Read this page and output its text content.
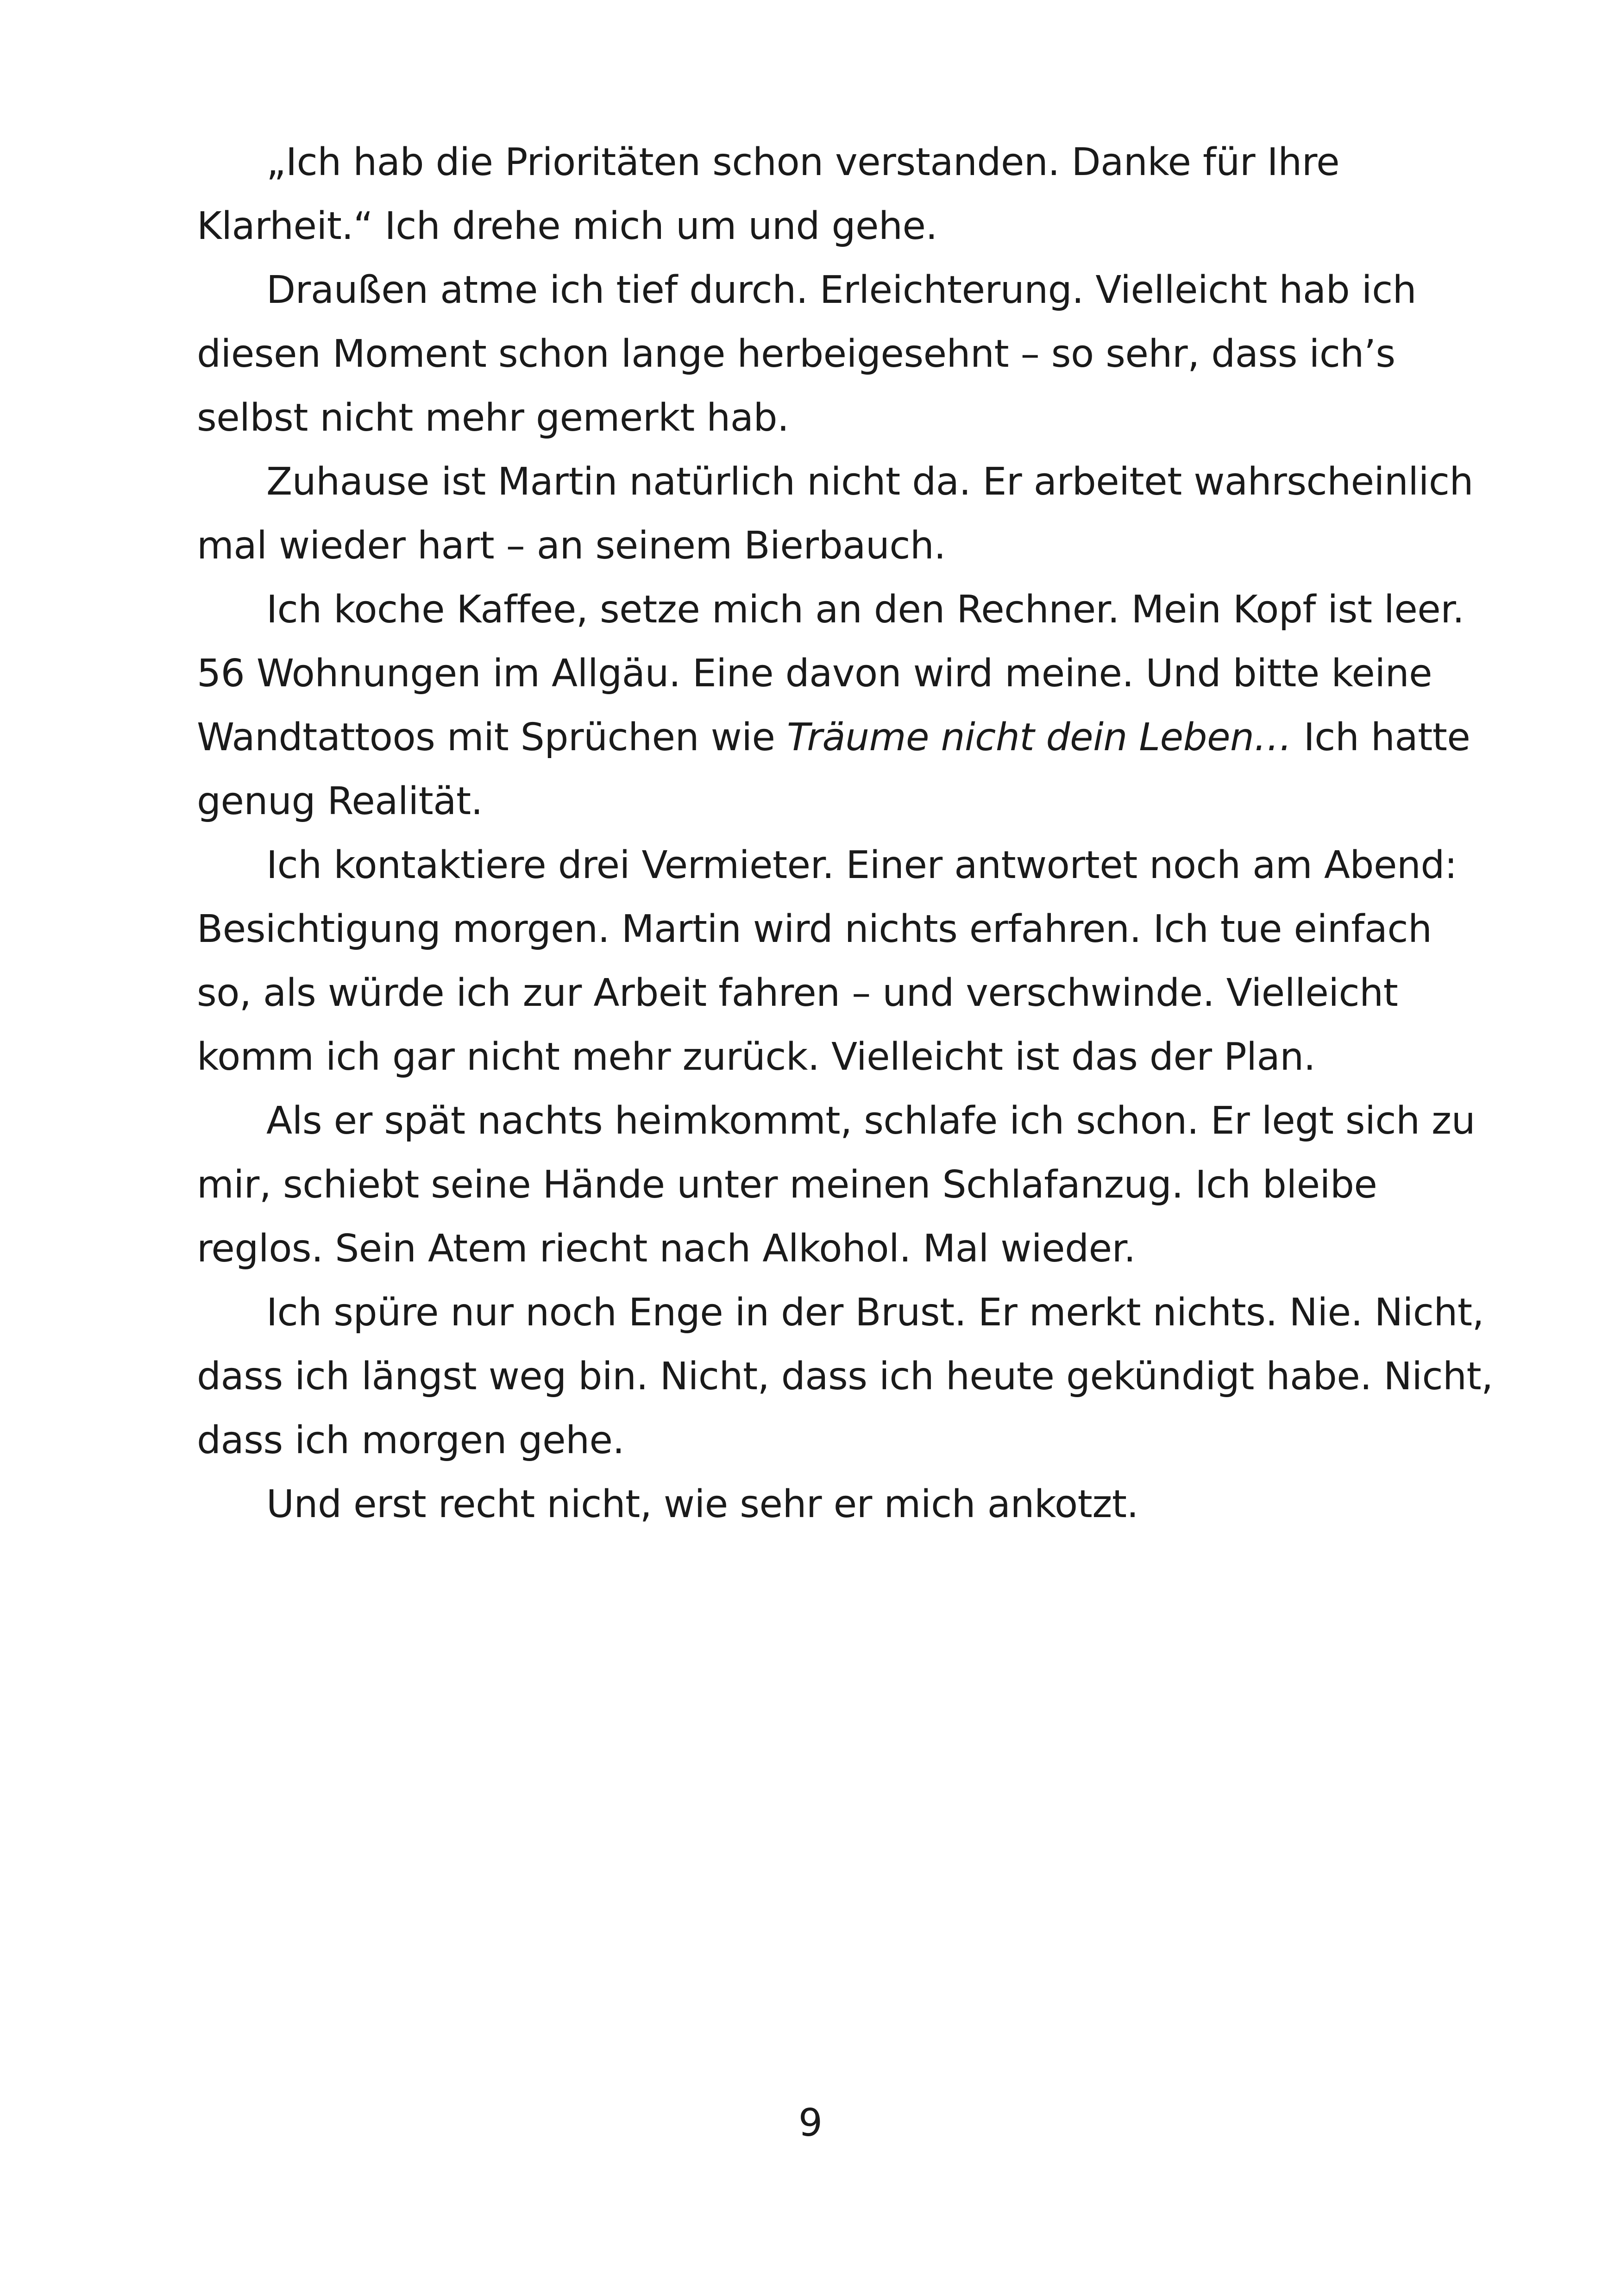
„Ich hab die Prioritäten schon verstanden. Danke für Ihre Klarheit.“ Ich drehe mich um und gehe.

Draußen atme ich tief durch. Erleichterung. Vielleicht hab ich diesen Moment schon lange herbeigesehnt – so sehr, dass ich’s selbst nicht mehr gemerkt hab.

Zuhause ist Martin natürlich nicht da. Er arbeitet wahrscheinlich mal wieder hart – an seinem Bierbauch.

Ich koche Kaffee, setze mich an den Rechner. Mein Kopf ist leer. 56 Wohnungen im Allgäu. Eine davon wird meine. Und bitte keine Wandtattoos mit Sprüchen wie Träume nicht dein Leben… Ich hatte genug Realität.

Ich kontaktiere drei Vermieter. Einer antwortet noch am Abend: Besichtigung morgen. Martin wird nichts erfahren. Ich tue einfach so, als würde ich zur Arbeit fahren – und verschwinde. Vielleicht komm ich gar nicht mehr zurück. Vielleicht ist das der Plan.

Als er spät nachts heimkommt, schlafe ich schon. Er legt sich zu mir, schiebt seine Hände unter meinen Schlafanzug. Ich bleibe reglos. Sein Atem riecht nach Alkohol. Mal wieder.

Ich spüre nur noch Enge in der Brust. Er merkt nichts. Nie. Nicht, dass ich längst weg bin. Nicht, dass ich heute gekündigt habe. Nicht, dass ich morgen gehe.

Und erst recht nicht, wie sehr er mich ankotzt.

9
